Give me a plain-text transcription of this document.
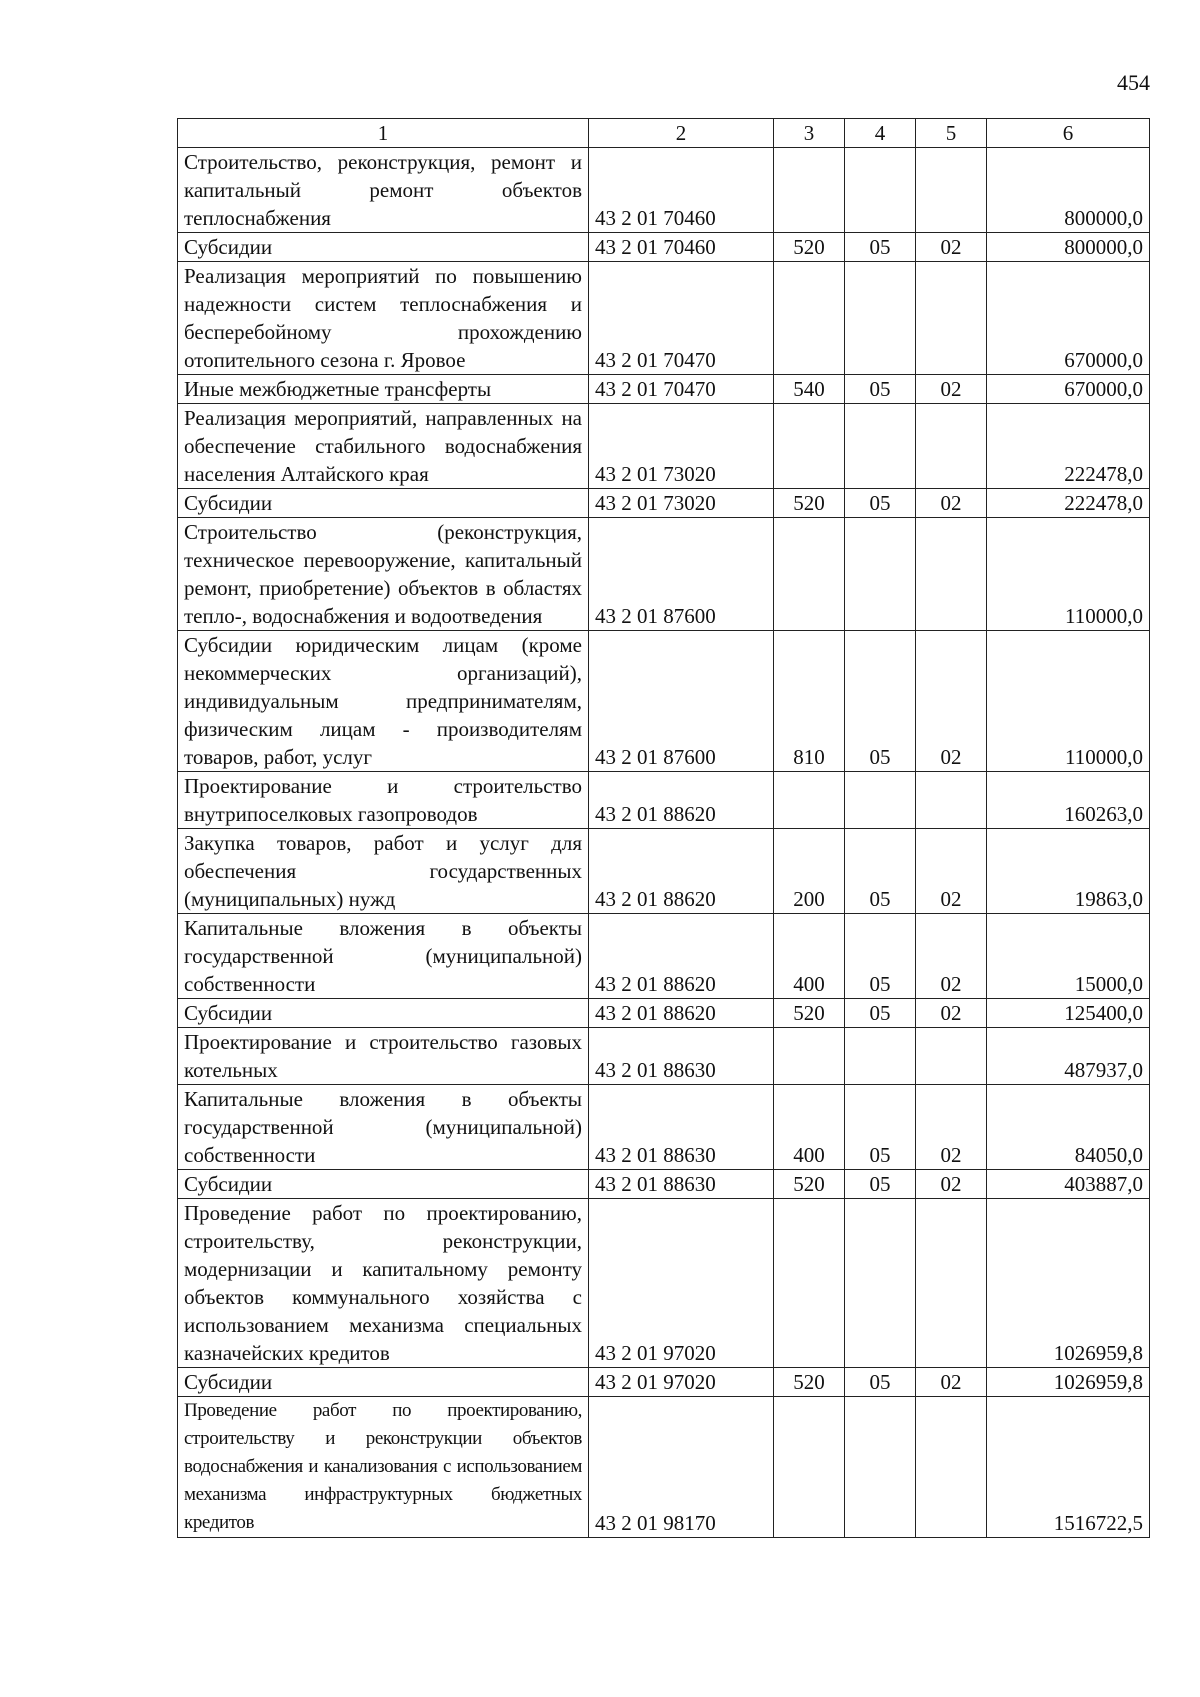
454
1	2	3	4	5	6
Строительство, реконструкция, ремонт и капитальный ремонт объектов теплоснабжения	43 2 01 70460				800000,0
Субсидии	43 2 01 70460	520	05	02	800000,0
Реализация мероприятий по повышению надежности систем теплоснабжения и бесперебойному прохождению отопительного сезона г. Яровое	43 2 01 70470				670000,0
Иные межбюджетные трансферты	43 2 01 70470	540	05	02	670000,0
Реализация мероприятий, направленных на обеспечение стабильного водоснабжения населения Алтайского края	43 2 01 73020				222478,0
Субсидии	43 2 01 73020	520	05	02	222478,0
Строительство (реконструкция, техническое перевооружение, капитальный ремонт, приобретение) объектов в областях тепло-, водоснабжения и водоотведения	43 2 01 87600				110000,0
Субсидии юридическим лицам (кроме некоммерческих организаций), индивидуальным предпринимателям, физическим лицам - производителям товаров, работ, услуг	43 2 01 87600	810	05	02	110000,0
Проектирование и строительство внутрипоселковых газопроводов	43 2 01 88620				160263,0
Закупка товаров, работ и услуг для обеспечения государственных (муниципальных) нужд	43 2 01 88620	200	05	02	19863,0
Капитальные вложения в объекты государственной (муниципальной) собственности	43 2 01 88620	400	05	02	15000,0
Субсидии	43 2 01 88620	520	05	02	125400,0
Проектирование и строительство газовых котельных	43 2 01 88630				487937,0
Капитальные вложения в объекты государственной (муниципальной) собственности	43 2 01 88630	400	05	02	84050,0
Субсидии	43 2 01 88630	520	05	02	403887,0
Проведение работ по проектированию, строительству, реконструкции, модернизации и капитальному ремонту объектов коммунального хозяйства с использованием механизма специальных казначейских кредитов	43 2 01 97020				1026959,8
Субсидии	43 2 01 97020	520	05	02	1026959,8
Проведение работ по проектированию, строительству и реконструкции объектов водоснабжения и канализования с использованием механизма инфраструктурных бюджетных кредитов	43 2 01 98170				1516722,5
